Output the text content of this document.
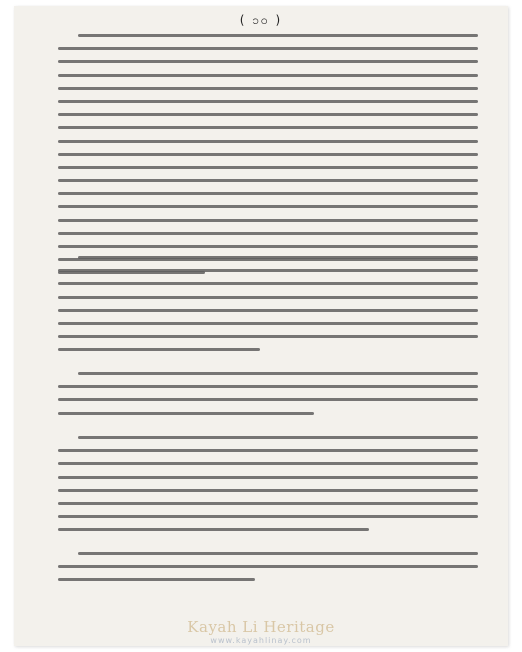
( ၁၀ )
Kayah Li Heritage
www.kayahlinay.com
